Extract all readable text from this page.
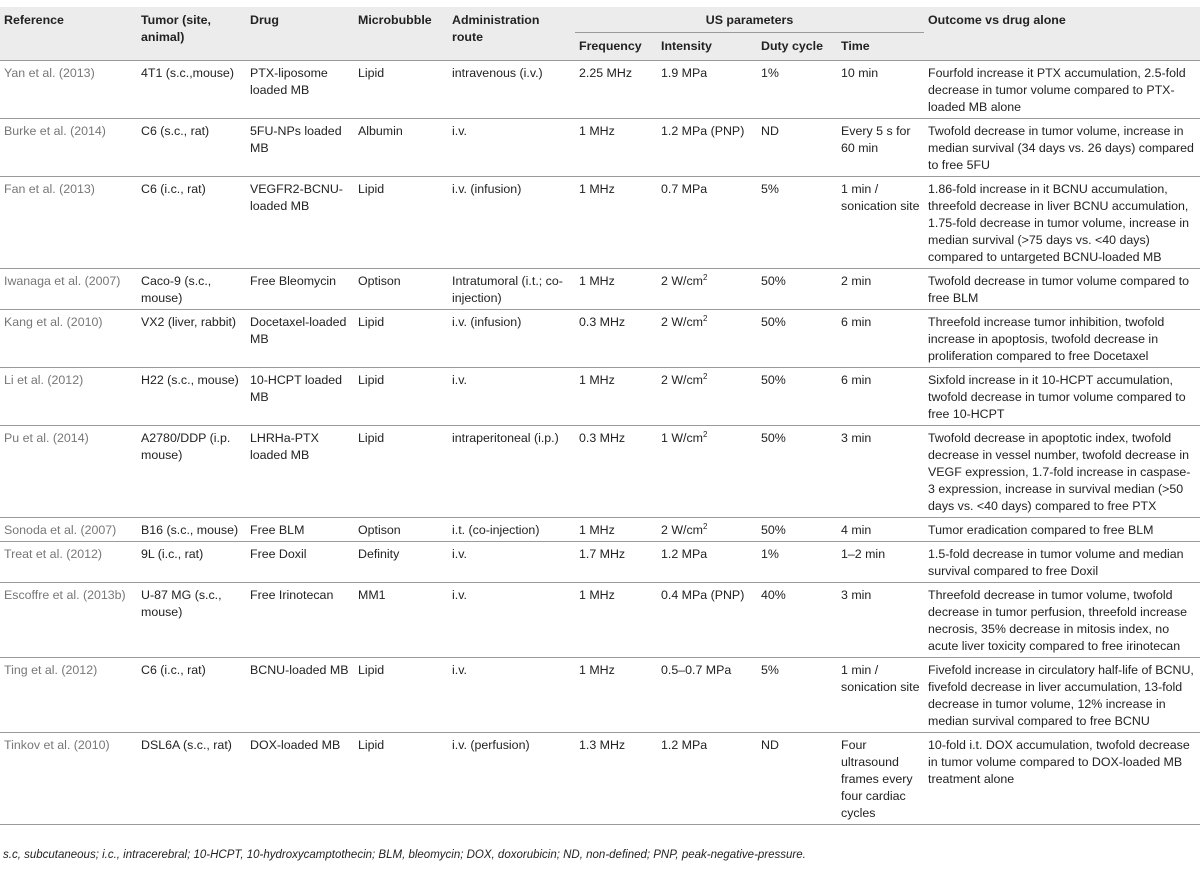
Reference	Tumor (site, animal)	Drug	Microbubble	Administration route	US parameters				Outcome vs drug alone
					Frequency	Intensity	Duty cycle	Time	
Yan et al. (2013)	4T1 (s.c.,mouse)	PTX-liposome loaded MB	Lipid	intravenous (i.v.)	2.25 MHz	1.9 MPa	1%	10 min	Fourfold increase it PTX accumulation, 2.5-fold decrease in tumor volume compared to PTX-loaded MB alone
Burke et al. (2014)	C6 (s.c., rat)	5FU-NPs loaded MB	Albumin	i.v.	1 MHz	1.2 MPa (PNP)	ND	Every 5 s for 60 min	Twofold decrease in tumor volume, increase in median survival (34 days vs. 26 days) compared to free 5FU
Fan et al. (2013)	C6 (i.c., rat)	VEGFR2-BCNU- loaded MB	Lipid	i.v. (infusion)	1 MHz	0.7 MPa	5%	1 min / sonication site	1.86-fold increase in it BCNU accumulation, threefold decrease in liver BCNU accumulation, 1.75-fold decrease in tumor volume, increase in median survival (>75 days vs. <40 days) compared to untargeted BCNU-loaded MB
Iwanaga et al. (2007)	Caco-9 (s.c., mouse)	Free Bleomycin	Optison	Intratumoral (i.t.; co-injection)	1 MHz	2 $W/cm^2$	50%	2 min	Twofold decrease in tumor volume compared to free BLM
Kang et al. (2010)	VX2 (liver, rabbit)	Docetaxel-loaded MB	Lipid	i.v. (infusion)	0.3 MHz	2 $W/cm^2$	50%	6 min	Threefold increase tumor inhibition, twofold increase in apoptosis, twofold decrease in proliferation compared to free Docetaxel
Li et al. (2012)	H22 (s.c., mouse)	10-HCPT loaded MB	Lipid	i.v.	1 MHz	2 $W/cm^2$	50%	6 min	Sixfold increase in it 10-HCPT accumulation, twofold decrease in tumor volume compared to free 10-HCPT
Pu et al. (2014)	A2780/DDP (i.p. mouse)	LHRHa-PTX loaded MB	Lipid	intraperitoneal (i.p.)	0.3 MHz	1 $W/cm^2$	50%	3 min	Twofold decrease in apoptotic index, twofold decrease in vessel number, twofold decrease in VEGF expression, 1.7-fold increase in caspase-3 expression, increase in survival median (>50 days vs. <40 days) compared to free PTX
Sonoda et al. (2007)	B16 (s.c., mouse)	Free BLM	Optison	i.t. (co-injection)	1 MHz	2 $W/cm^2$	50%	4 min	Tumor eradication compared to free BLM
Treat et al. (2012)	9L (i.c., rat)	Free Doxil	Definity	i.v.	1.7 MHz	1.2 MPa	1%	1–2 min	1.5-fold decrease in tumor volume and median survival compared to free Doxil
Escoffre et al. (2013b)	U-87 MG (s.c., mouse)	Free Irinotecan	MM1	i.v.	1 MHz	0.4 MPa (PNP)	40%	3 min	Threefold decrease in tumor volume, twofold decrease in tumor perfusion, threefold increase necrosis, 35% decrease in mitosis index, no acute liver toxicity compared to free irinotecan
Ting et al. (2012)	C6 (i.c., rat)	BCNU-loaded MB	Lipid	i.v.	1 MHz	0.5–0.7 MPa	5%	1 min / sonication site	Fivefold increase in circulatory half-life of BCNU, fivefold decrease in liver accumulation, 13-fold decrease in tumor volume, 12% increase in median survival compared to free BCNU
Tinkov et al. (2010)	DSL6A (s.c., rat)	DOX-loaded MB	Lipid	i.v. (perfusion)	1.3 MHz	1.2 MPa	ND	Four ultrasound frames every four cardiac cycles	10-fold i.t. DOX accumulation, twofold decrease in tumor volume compared to DOX-loaded MB treatment alone
s.c, subcutaneous; i.c., intracerebral; 10-HCPT, 10-hydroxycamptothecin; BLM, bleomycin; DOX, doxorubicin; ND, non-defined; PNP, peak-negative-pressure.
